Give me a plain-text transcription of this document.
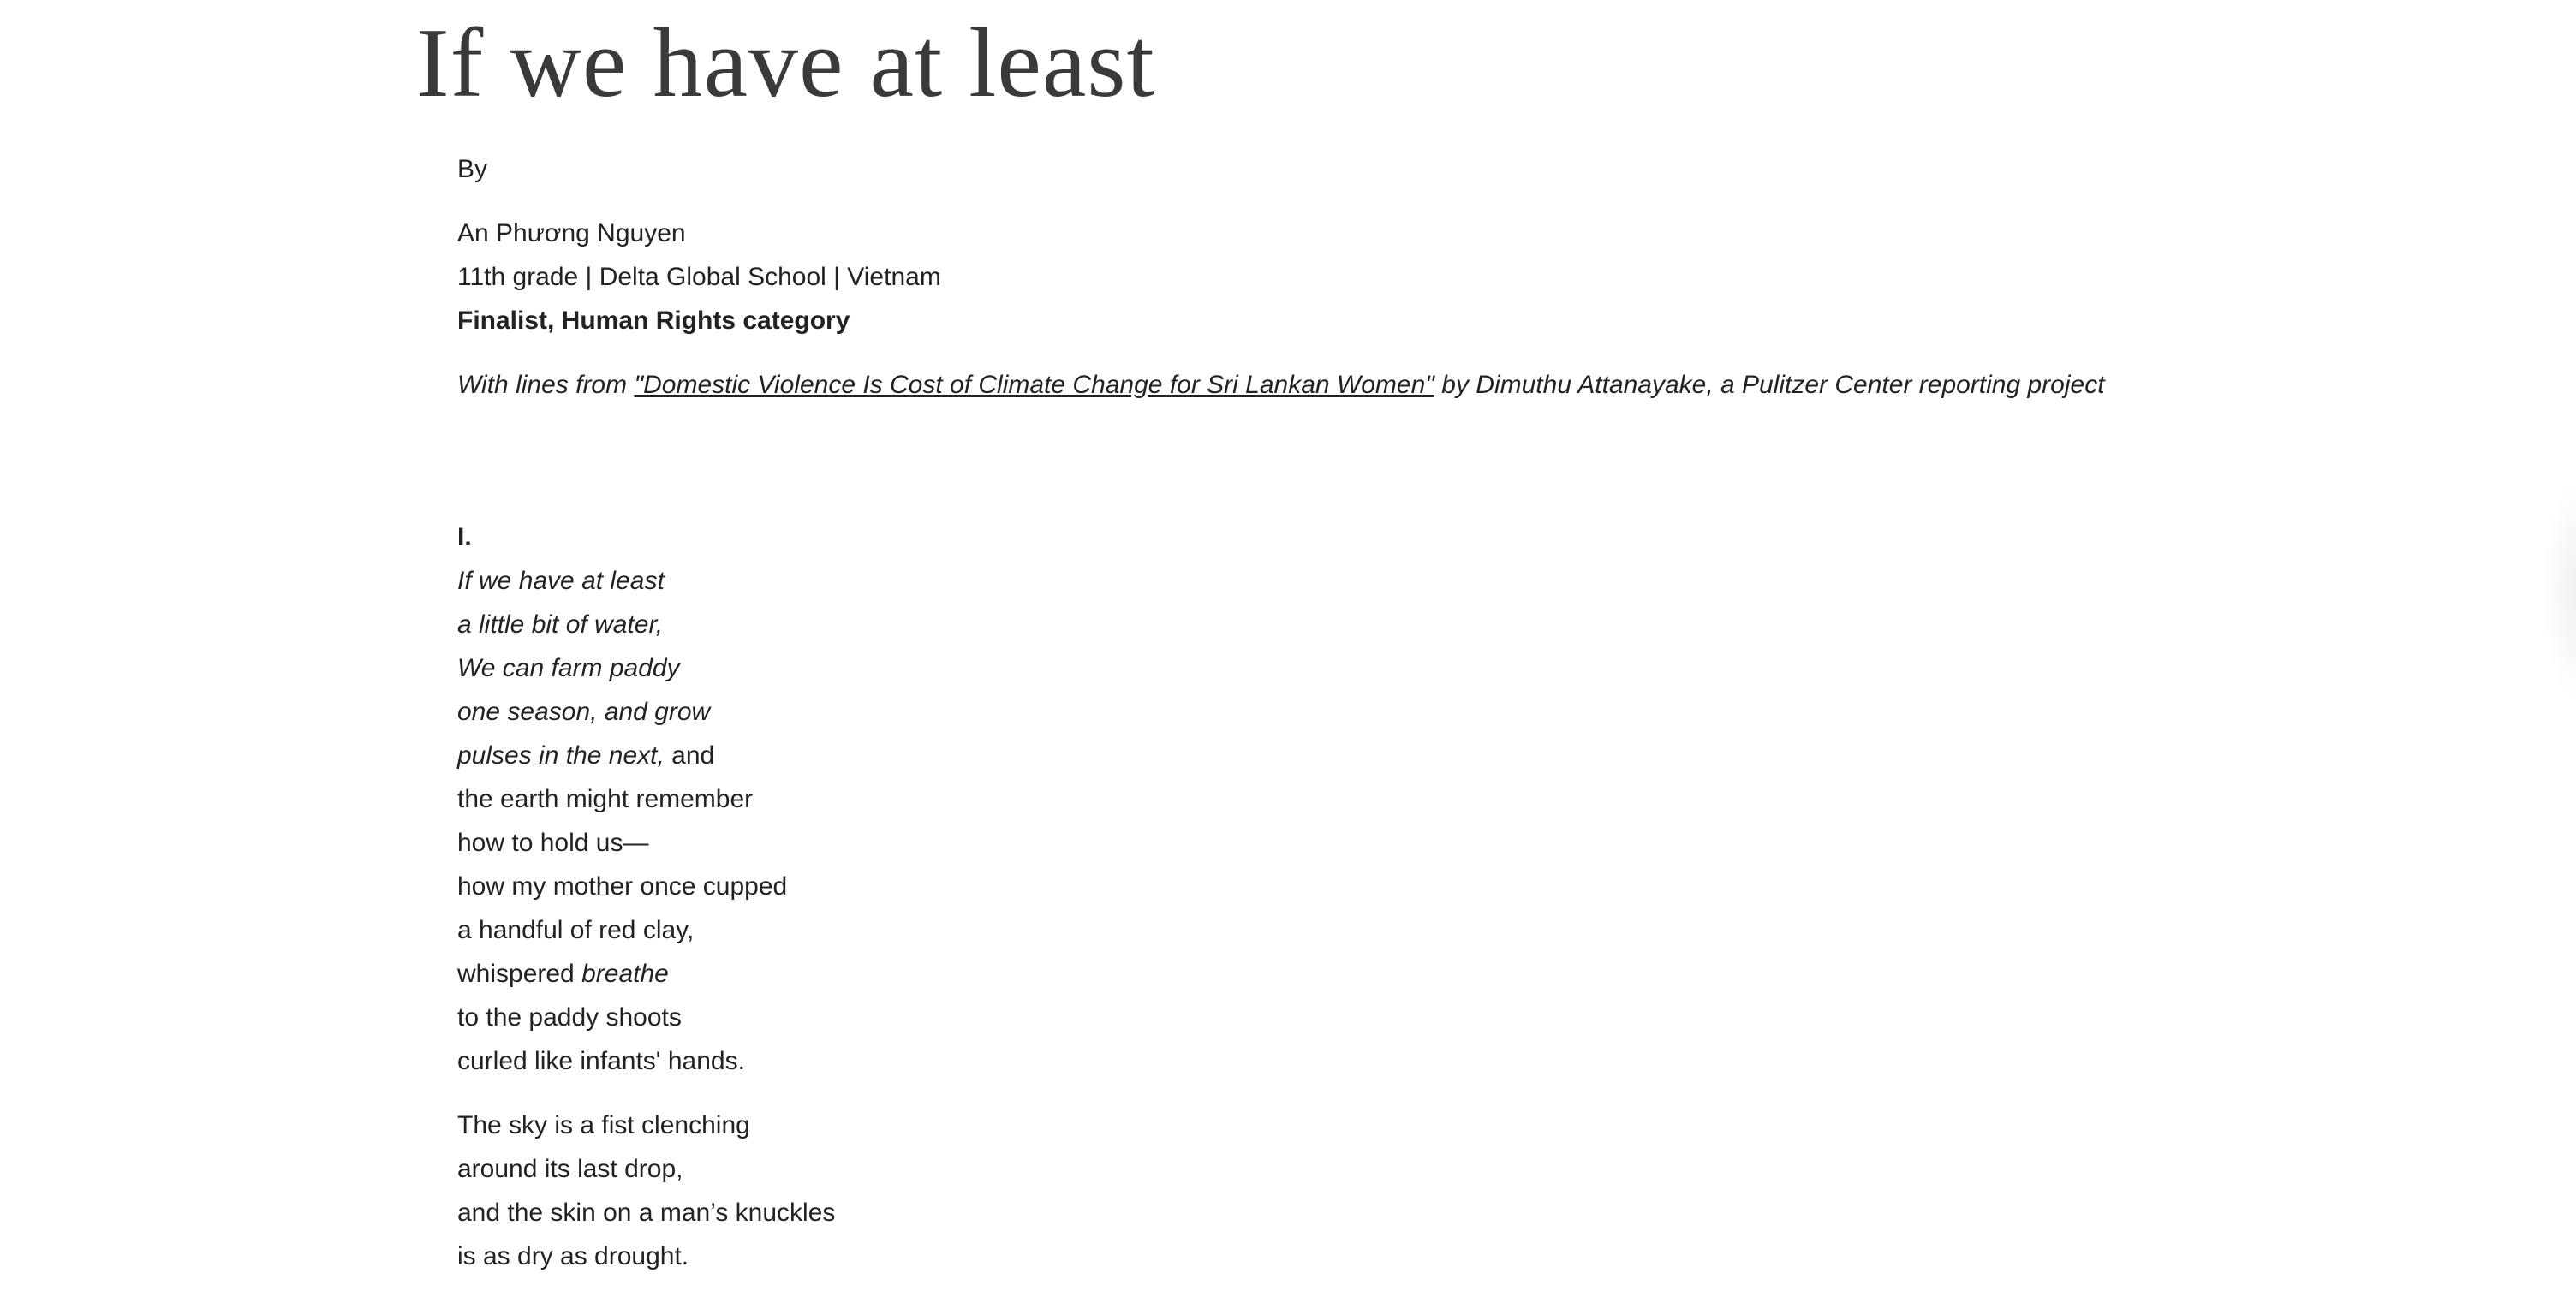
If we have at least

By

An Phương Nguyen

11th grade | Delta Global School | Vietnam

Finalist, Human Rights category

With lines from "Domestic Violence Is Cost of Climate Change for Sri Lankan Women" by Dimuthu Attanayake, a Pulitzer Center reporting project

I.

If we have at least

a little bit of water,

We can farm paddy

one season, and grow

pulses in the next, and

the earth might remember

how to hold us—

how my mother once cupped

a handful of red clay,

whispered breathe

to the paddy shoots

curled like infants' hands.

The sky is a fist clenching

around its last drop,

and the skin on a man’s knuckles

is as dry as drought.
